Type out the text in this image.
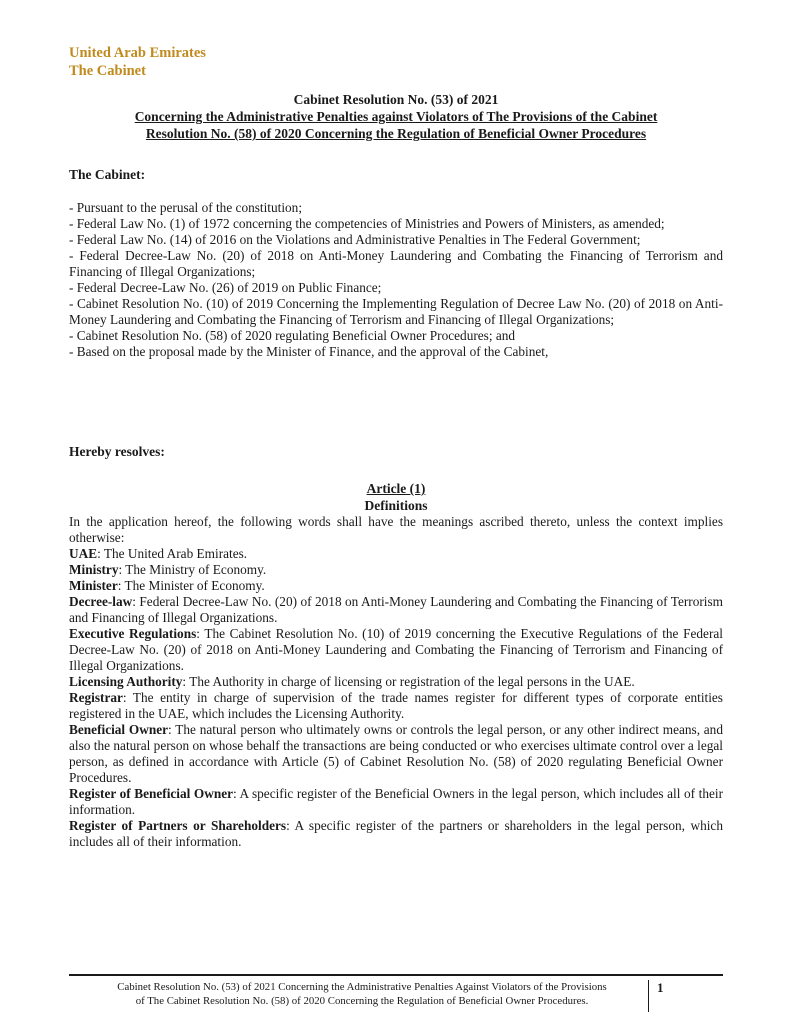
United Arab Emirates
The Cabinet
Cabinet Resolution No. (53) of 2021
Concerning the Administrative Penalties against Violators of The Provisions of the Cabinet
Resolution No. (58) of 2020 Concerning the Regulation of Beneficial Owner Procedures
The Cabinet:

- Pursuant to the perusal of the constitution;

- Federal Law No. (1) of 1972 concerning the competencies of Ministries and Powers of Ministers, as amended;

- Federal Law No. (14) of 2016 on the Violations and Administrative Penalties in The Federal Government;

- Federal Decree-Law No. (20) of 2018 on Anti-Money Laundering and Combating the Financing of Terrorism and Financing of Illegal Organizations;

- Federal Decree-Law No. (26) of 2019 on Public Finance;

- Cabinet Resolution No. (10) of 2019 Concerning the Implementing Regulation of Decree Law No. (20) of 2018 on Anti-Money Laundering and Combating the Financing of Terrorism and Financing of Illegal Organizations;

- Cabinet Resolution No. (58) of 2020 regulating Beneficial Owner Procedures; and

- Based on the proposal made by the Minister of Finance, and the approval of the Cabinet,

Hereby resolves:
Article (1)
Definitions

In the application hereof, the following words shall have the meanings ascribed thereto, unless the context implies otherwise:

UAE: The United Arab Emirates.

Ministry: The Ministry of Economy.

Minister: The Minister of Economy.

Decree-law: Federal Decree-Law No. (20) of 2018 on Anti-Money Laundering and Combating the Financing of Terrorism and Financing of Illegal Organizations.

Executive Regulations: The Cabinet Resolution No. (10) of 2019 concerning the Executive Regulations of the Federal Decree-Law No. (20) of 2018 on Anti-Money Laundering and Combating the Financing of Terrorism and Financing of Illegal Organizations.

Licensing Authority: The Authority in charge of licensing or registration of the legal persons in the UAE.

Registrar: The entity in charge of supervision of the trade names register for different types of corporate entities registered in the UAE, which includes the Licensing Authority.

Beneficial Owner: The natural person who ultimately owns or controls the legal person, or any other indirect means, and also the natural person on whose behalf the transactions are being conducted or who exercises ultimate control over a legal person, as defined in accordance with Article (5) of Cabinet Resolution No. (58) of 2020 regulating Beneficial Owner Procedures.

Register of Beneficial Owner: A specific register of the Beneficial Owners in the legal person, which includes all of their information.

Register of Partners or Shareholders: A specific register of the partners or shareholders in the legal person, which includes all of their information.

Cabinet Resolution No. (53) of 2021 Concerning the Administrative Penalties Against Violators of the Provisions
of The Cabinet Resolution No. (58) of 2020 Concerning the Regulation of Beneficial Owner Procedures.
1
